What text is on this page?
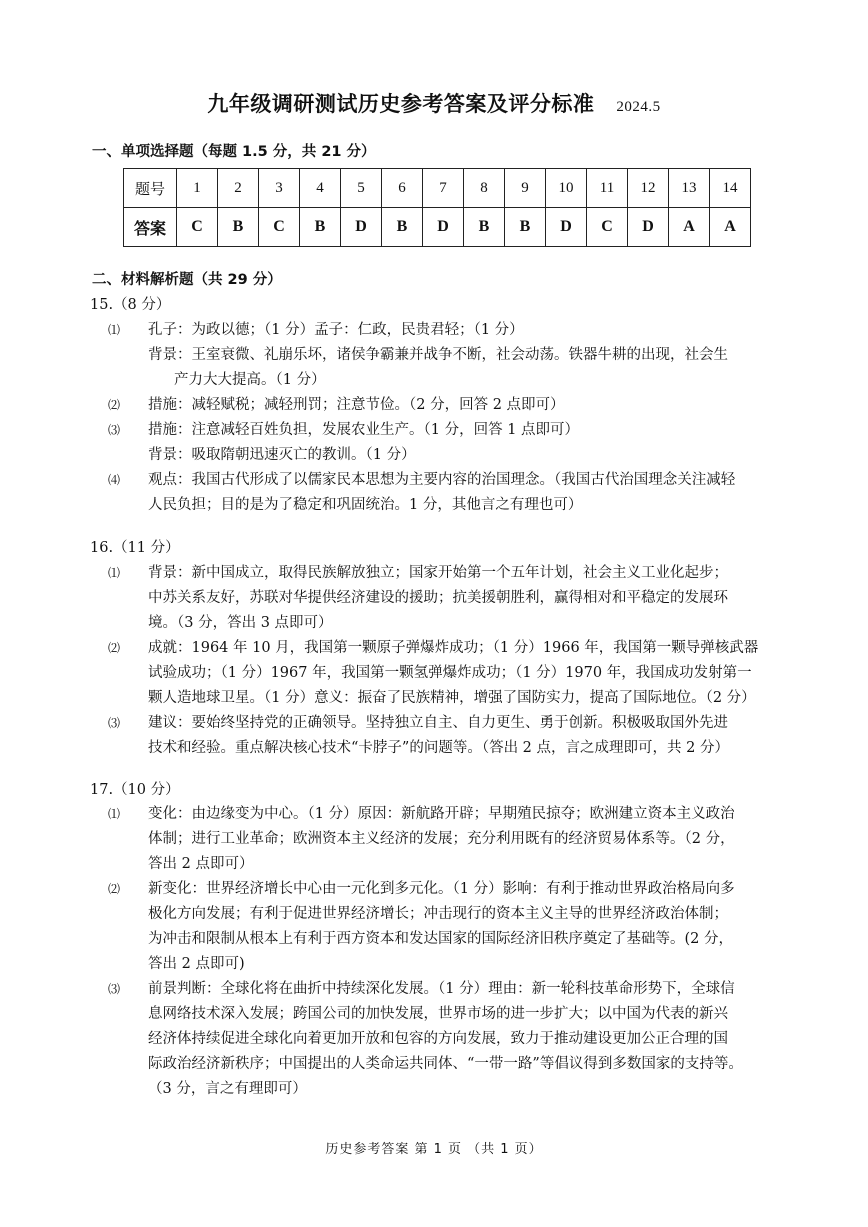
九年级调研测试历史参考答案及评分标准 2024.5
一、单项选择题（每题 1.5 分，共 21 分）
题号	1	2	3	4	5	6	7	8	9	10	11	12	13	14
答案	C	B	C	B	D	B	D	B	B	D	C	D	A	A
二、材料解析题（共 29 分）
15.（8 分）
⑴ 孔子：为政以德；（1 分）孟子：仁政，民贵君轻；（1 分）
背景：王室衰微、礼崩乐坏，诸侯争霸兼并战争不断，社会动荡。铁器牛耕的出现，社会生
产力大大提高。（1 分）
⑵ 措施：减轻赋税；减轻刑罚；注意节俭。（2 分，回答 2 点即可）
⑶ 措施：注意减轻百姓负担，发展农业生产。（1 分，回答 1 点即可）
背景：吸取隋朝迅速灭亡的教训。（1 分）
⑷ 观点：我国古代形成了以儒家民本思想为主要内容的治国理念。（我国古代治国理念关注减轻
人民负担；目的是为了稳定和巩固统治。1 分，其他言之有理也可）
16.（11 分）
⑴ 背景：新中国成立，取得民族解放独立；国家开始第一个五年计划，社会主义工业化起步；
中苏关系友好，苏联对华提供经济建设的援助；抗美援朝胜利，赢得相对和平稳定的发展环
境。（3 分，答出 3 点即可）
⑵ 成就：1964 年 10 月，我国第一颗原子弹爆炸成功；（1 分）1966 年，我国第一颗导弹核武器
试验成功；（1 分）1967 年，我国第一颗氢弹爆炸成功；（1 分）1970 年，我国成功发射第一
颗人造地球卫星。（1 分）意义：振奋了民族精神，增强了国防实力，提高了国际地位。（2 分）
⑶ 建议：要始终坚持党的正确领导。坚持独立自主、自力更生、勇于创新。积极吸取国外先进
技术和经验。重点解决核心技术“卡脖子”的问题等。（答出 2 点，言之成理即可，共 2 分）
17.（10 分）
⑴ 变化：由边缘变为中心。（1 分）原因：新航路开辟；早期殖民掠夺；欧洲建立资本主义政治
体制；进行工业革命；欧洲资本主义经济的发展；充分利用既有的经济贸易体系等。（2 分，
答出 2 点即可）
⑵ 新变化：世界经济增长中心由一元化到多元化。（1 分）影响：有利于推动世界政治格局向多
极化方向发展；有利于促进世界经济增长；冲击现行的资本主义主导的世界经济政治体制；
为冲击和限制从根本上有利于西方资本和发达国家的国际经济旧秩序奠定了基础等。(2 分，
答出 2 点即可)
⑶ 前景判断：全球化将在曲折中持续深化发展。（1 分）理由：新一轮科技革命形势下，全球信
息网络技术深入发展；跨国公司的加快发展，世界市场的进一步扩大；以中国为代表的新兴
经济体持续促进全球化向着更加开放和包容的方向发展，致力于推动建设更加公正合理的国
际政治经济新秩序；中国提出的人类命运共同体、“一带一路”等倡议得到多数国家的支持等。
（3 分，言之有理即可）
历史参考答案 第 1 页 （共 1 页）
